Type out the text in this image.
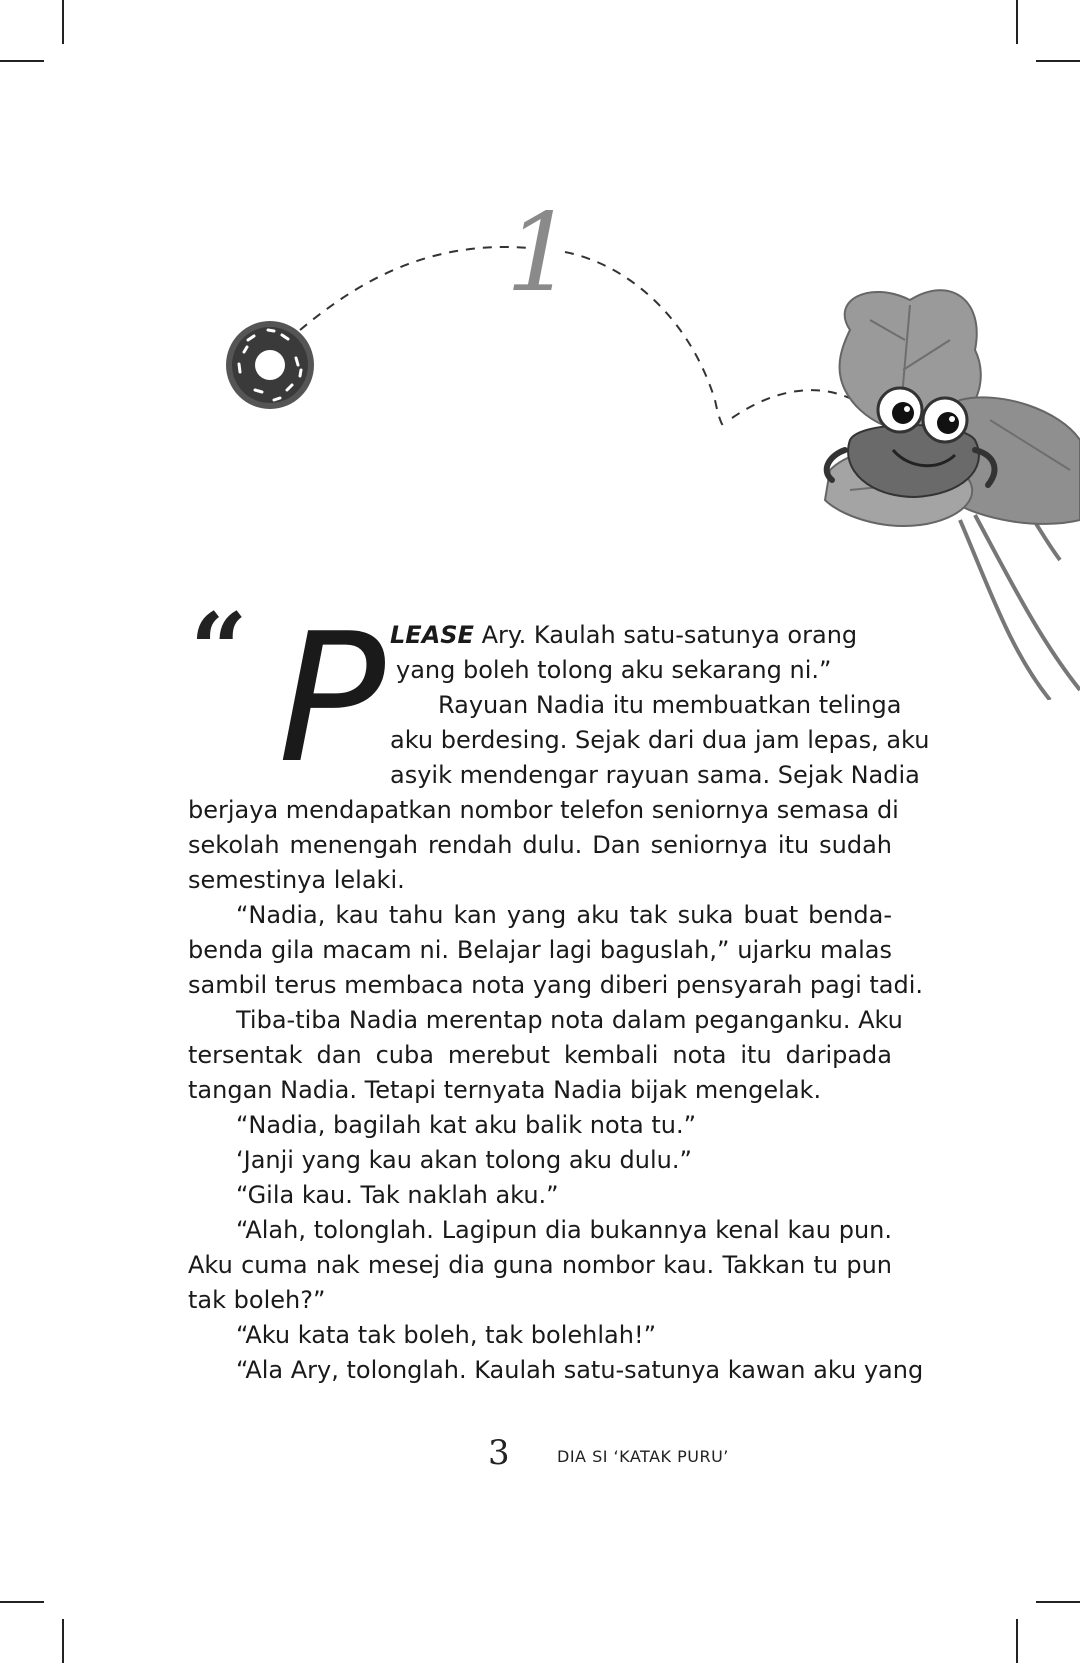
1
“ P LEASE Ary. Kaulah satu-satunya orang
yang boleh tolong aku sekarang ni.”
Rayuan Nadia itu membuatkan telinga
aku berdesing. Sejak dari dua jam lepas, aku
asyik mendengar rayuan sama. Sejak Nadia
berjaya mendapatkan nombor telefon seniornya semasa di
sekolah menengah rendah dulu. Dan seniornya itu sudah
semestinya lelaki.
“Nadia, kau tahu kan yang aku tak suka buat benda-
benda gila macam ni. Belajar lagi baguslah,” ujarku malas
sambil terus membaca nota yang diberi pensyarah pagi tadi.
Tiba-tiba Nadia merentap nota dalam peganganku. Aku
tersentak dan cuba merebut kembali nota itu daripada
tangan Nadia. Tetapi ternyata Nadia bijak mengelak.
“Nadia, bagilah kat aku balik nota tu.”
‘Janji yang kau akan tolong aku dulu.”
“Gila kau. Tak naklah aku.”
“Alah, tolonglah. Lagipun dia bukannya kenal kau pun.
Aku cuma nak mesej dia guna nombor kau. Takkan tu pun
tak boleh?”
“Aku kata tak boleh, tak bolehlah!”
“Ala Ary, tolonglah. Kaulah satu-satunya kawan aku yang
3	DIA SI ‘KATAK PURU’
